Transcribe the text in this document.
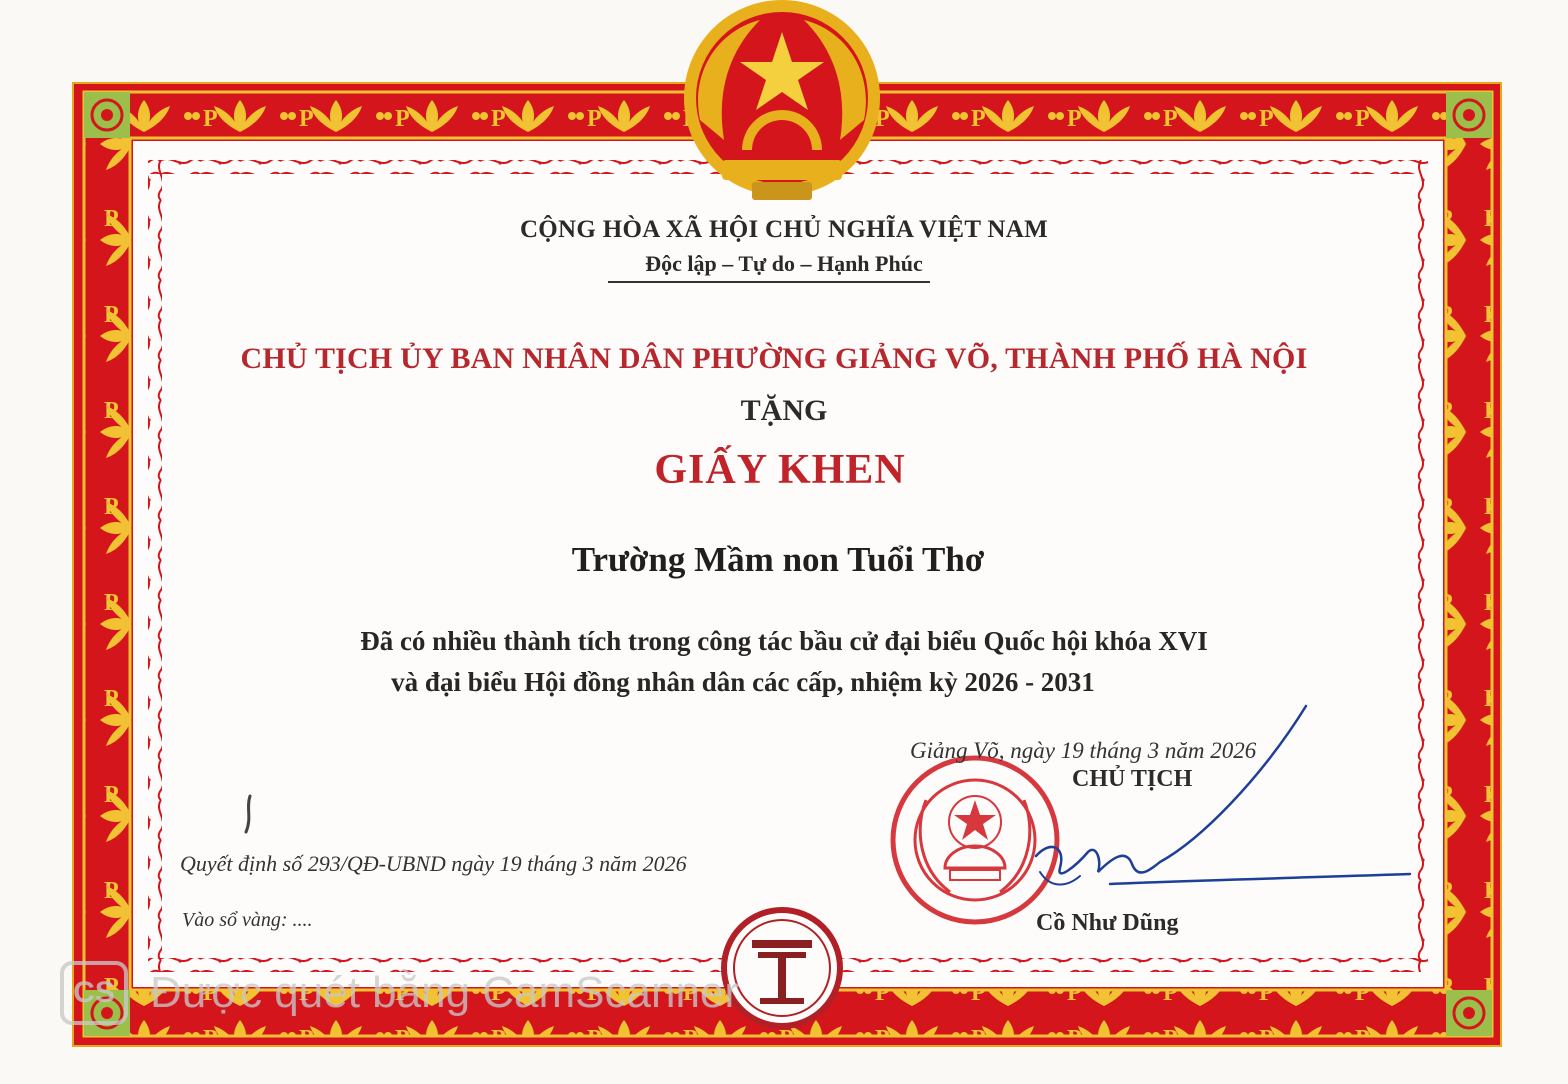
CỘNG HÒA XÃ HỘI CHỦ NGHĨA VIỆT NAM
Độc lập – Tự do – Hạnh Phúc
CHỦ TỊCH ỦY BAN NHÂN DÂN PHƯỜNG GIẢNG VÕ, THÀNH PHỐ HÀ NỘI
TẶNG
GIẤY KHEN
Trường Mầm non Tuổi Thơ
Đã có nhiều thành tích trong công tác bầu cử đại biểu Quốc hội khóa XVI
và đại biểu Hội đồng nhân dân các cấp, nhiệm kỳ 2026 - 2031
Giảng Võ, ngày 19 tháng 3 năm 2026
CHỦ TỊCH
Cồ Như Dũng
Quyết định số 293/QĐ-UBND ngày 19 tháng 3 năm 2026
Vào sổ vàng: ....
CS Được quét bằng CamScanner
